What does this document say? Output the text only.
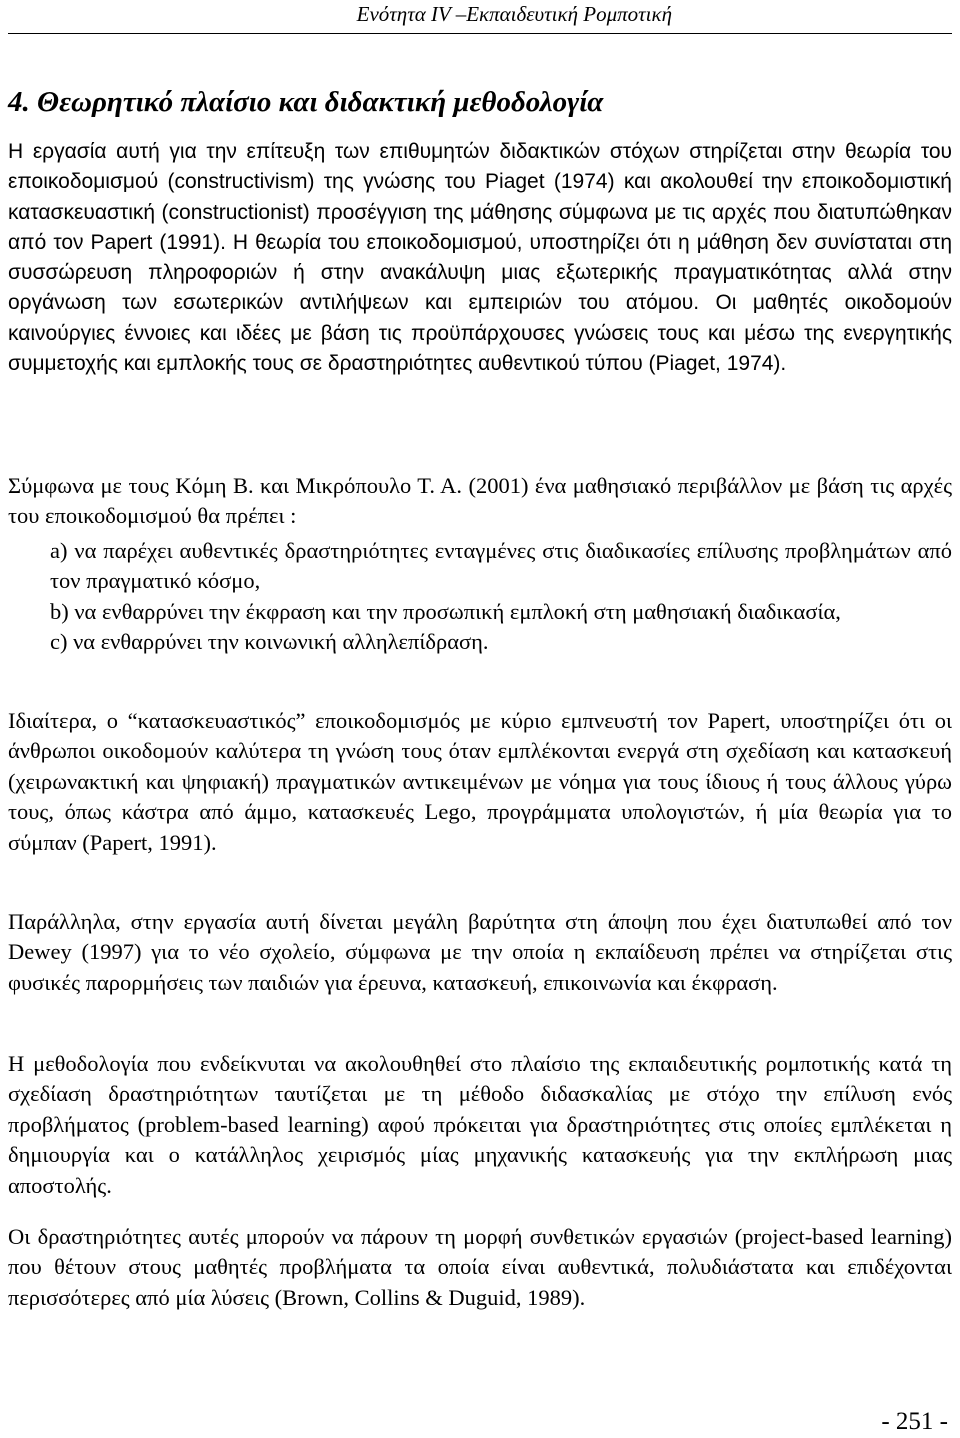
Ενότητα IV –Εκπαιδευτική Ρομποτική
4. Θεωρητικό πλαίσιο και διδακτική μεθοδολογία

Η εργασία αυτή για την επίτευξη των επιθυμητών διδακτικών στόχων στηρίζεται στην θεωρία του εποικοδομισμού (constructivism) της γνώσης του Piaget (1974) και ακολουθεί την εποικοδομιστική κατασκευαστική (constructionist) προσέγγιση της μάθησης σύμφωνα με τις αρχές που διατυπώθηκαν από τον Papert (1991). Η θεωρία του εποικοδομισμού, υποστηρίζει ότι η μάθηση δεν συνίσταται στη συσσώρευση πληροφοριών ή στην ανακάλυψη μιας εξωτερικής πραγματικότητας αλλά στην οργάνωση των εσωτερικών αντιλήψεων και εμπειριών του ατόμου. Οι μαθητές οικοδομούν καινούργιες έννοιες και ιδέες με βάση τις προϋπάρχουσες γνώσεις τους και μέσω της ενεργητικής συμμετοχής και εμπλοκής τους σε δραστηριότητες αυθεντικού τύπου (Piaget, 1974).

Σύμφωνα με τους Κόμη Β. και Μικρόπουλο Τ. Α. (2001) ένα μαθησιακό περιβάλλον με βάση τις αρχές του εποικοδομισμού θα πρέπει :

a) να παρέχει αυθεντικές δραστηριότητες ενταγμένες στις διαδικασίες επίλυσης προβλημάτων από τον πραγματικό κόσμο,
b) να ενθαρρύνει την έκφραση και την προσωπική εμπλοκή στη μαθησιακή διαδικασία,
c) να ενθαρρύνει την κοινωνική αλληλεπίδραση.

Ιδιαίτερα, ο “κατασκευαστικός” εποικοδομισμός με κύριο εμπνευστή τον Papert, υποστηρίζει ότι οι άνθρωποι οικοδομούν καλύτερα τη γνώση τους όταν εμπλέκονται ενεργά στη σχεδίαση και κατασκευή (χειρωνακτική και ψηφιακή) πραγματικών αντικειμένων με νόημα για τους ίδιους ή τους άλλους γύρω τους, όπως κάστρα από άμμο, κατασκευές Lego, προγράμματα υπολογιστών, ή μία θεωρία για το σύμπαν (Papert, 1991).

Παράλληλα, στην εργασία αυτή δίνεται μεγάλη βαρύτητα στη άποψη που έχει διατυπωθεί από τον Dewey (1997) για το νέο σχολείο, σύμφωνα με την οποία η εκπαίδευση πρέπει να στηρίζεται στις φυσικές παρορμήσεις των παιδιών για έρευνα, κατασκευή, επικοινωνία και έκφραση.

Η μεθοδολογία που ενδείκνυται να ακολουθηθεί στο πλαίσιο της εκπαιδευτικής ρομποτικής κατά τη σχεδίαση δραστηριότητων ταυτίζεται με τη μέθοδο διδασκαλίας με στόχο την επίλυση ενός προβλήματος (problem-based learning) αφού πρόκειται για δραστηριότητες στις οποίες εμπλέκεται η δημιουργία και ο κατάλληλος χειρισμός μίας μηχανικής κατασκευής για την εκπλήρωση μιας αποστολής.

Οι δραστηριότητες αυτές μπορούν να πάρουν τη μορφή συνθετικών εργασιών (project-based learning) που θέτουν στους μαθητές προβλήματα τα οποία είναι αυθεντικά, πολυδιάστατα και επιδέχονται περισσότερες από μία λύσεις (Brown, Collins & Duguid, 1989).

- 251 -
